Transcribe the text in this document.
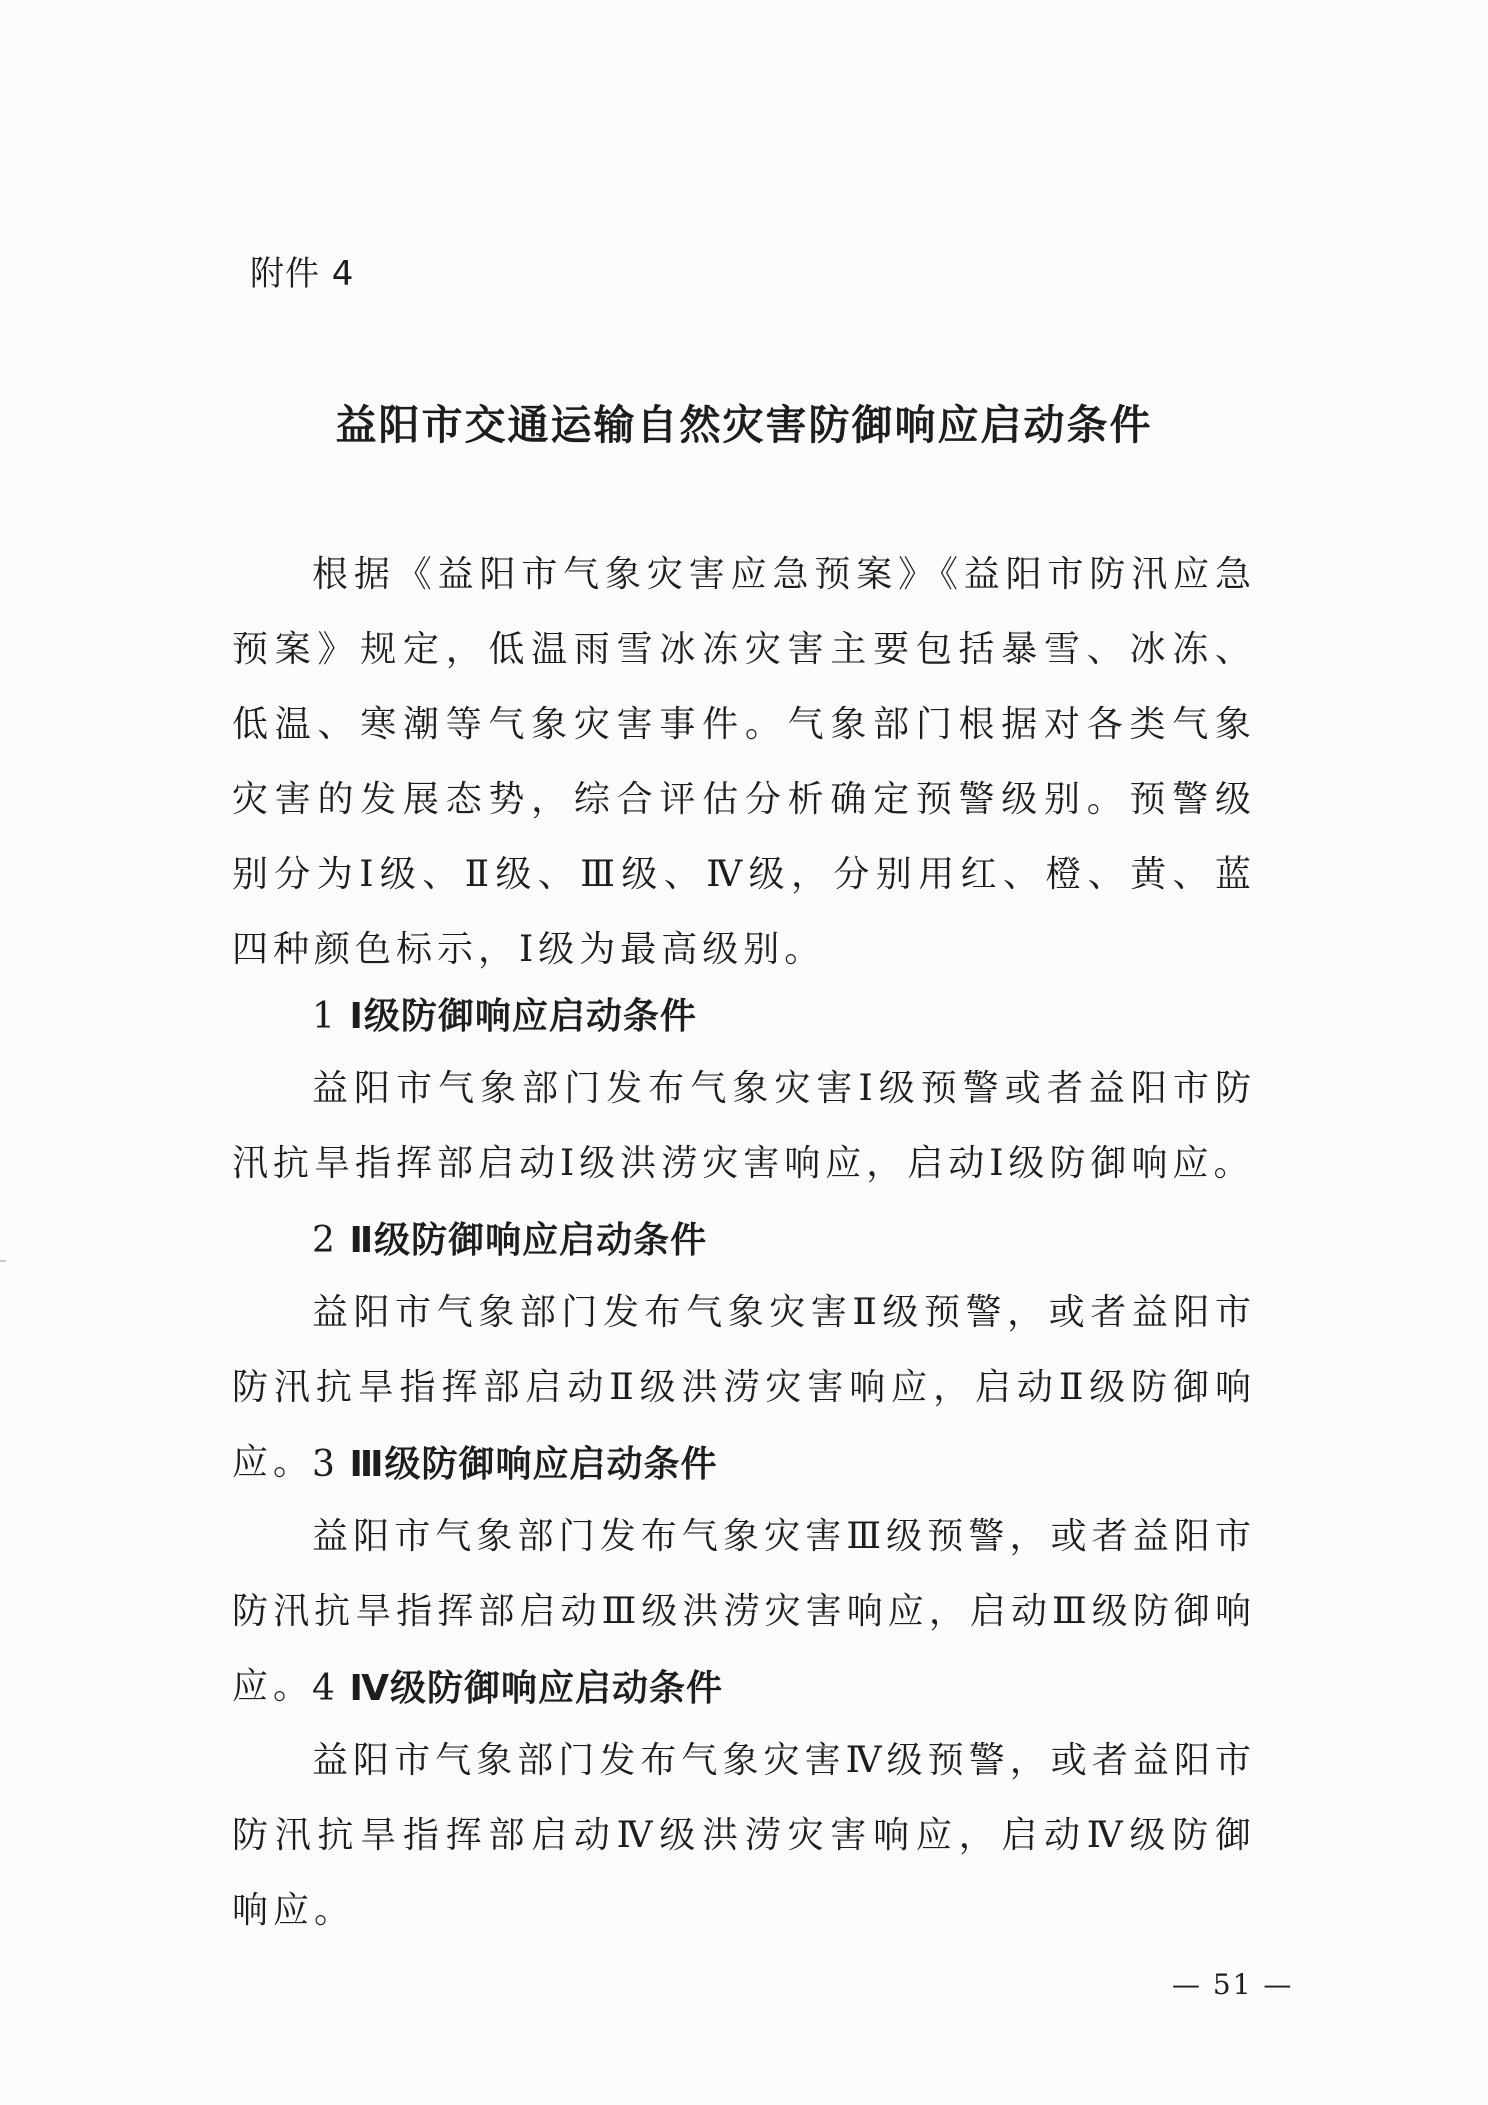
附件 4
益阳市交通运输自然灾害防御响应启动条件

根据《益阳市气象灾害应急预案》《益阳市防汛应急预案》规定，低温雨雪冰冻灾害主要包括暴雪、冰冻、低温、寒潮等气象灾害事件。气象部门根据对各类气象灾害的发展态势，综合评估分析确定预警级别。预警级别分为Ⅰ级、Ⅱ级、Ⅲ级、Ⅳ级，分别用红、橙、黄、蓝四种颜色标示，Ⅰ级为最高级别。

1 Ⅰ级防御响应启动条件

益阳市气象部门发布气象灾害Ⅰ级预警或者益阳市防汛抗旱指挥部启动Ⅰ级洪涝灾害响应，启动Ⅰ级防御响应。

2 Ⅱ级防御响应启动条件

益阳市气象部门发布气象灾害Ⅱ级预警，或者益阳市防汛抗旱指挥部启动Ⅱ级洪涝灾害响应，启动Ⅱ级防御响应。

3 Ⅲ级防御响应启动条件

益阳市气象部门发布气象灾害Ⅲ级预警，或者益阳市防汛抗旱指挥部启动Ⅲ级洪涝灾害响应，启动Ⅲ级防御响应。

4 Ⅳ级防御响应启动条件

益阳市气象部门发布气象灾害Ⅳ级预警，或者益阳市防汛抗旱指挥部启动Ⅳ级洪涝灾害响应，启动Ⅳ级防御响应。

— 51 —
